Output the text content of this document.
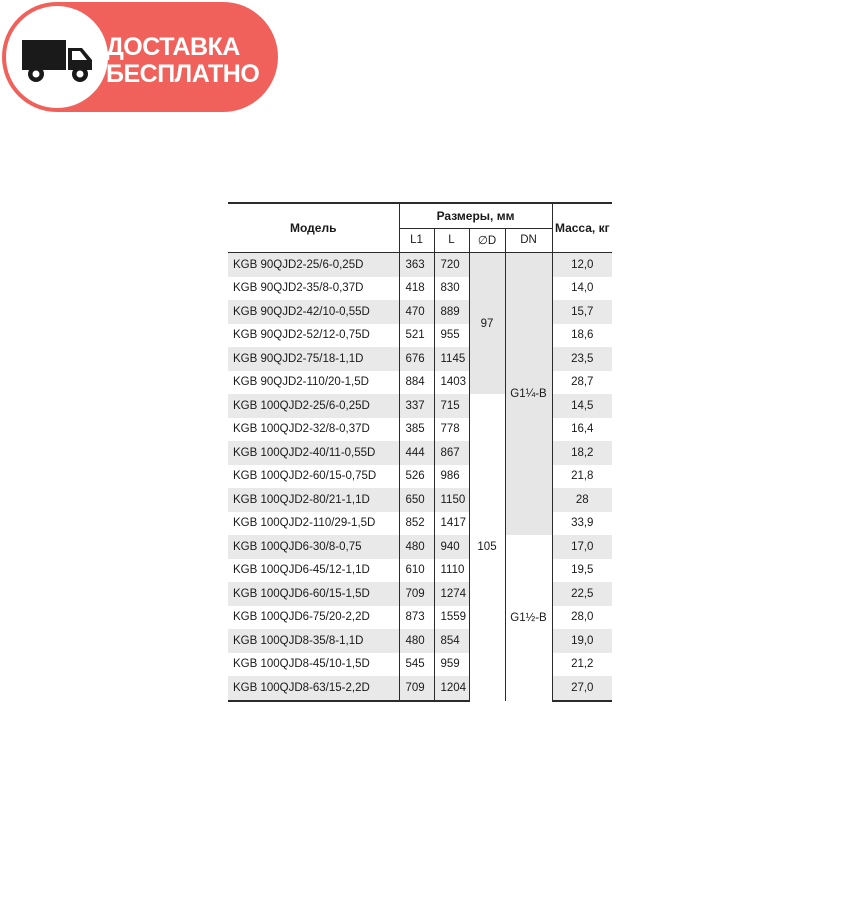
ДОСТАВКА
БЕСПЛАТНО
Модель	Размеры, мм				Масса, кг
	L1	L	∅D	DN	
KGB 90QJD2-25/6-0,25D	363	720	97	G1¼-B	12,0
KGB 90QJD2-35/8-0,37D	418	830			14,0
KGB 90QJD2-42/10-0,55D	470	889			15,7
KGB 90QJD2-52/12-0,75D	521	955			18,6
KGB 90QJD2-75/18-1,1D	676	1145			23,5
KGB 90QJD2-110/20-1,5D	884	1403			28,7
KGB 100QJD2-25/6-0,25D	337	715	105		14,5
KGB 100QJD2-32/8-0,37D	385	778			16,4
KGB 100QJD2-40/11-0,55D	444	867			18,2
KGB 100QJD2-60/15-0,75D	526	986			21,8
KGB 100QJD2-80/21-1,1D	650	1150			28
KGB 100QJD2-110/29-1,5D	852	1417			33,9
KGB 100QJD6-30/8-0,75	480	940		G1½-B	17,0
KGB 100QJD6-45/12-1,1D	610	1110			19,5
KGB 100QJD6-60/15-1,5D	709	1274			22,5
KGB 100QJD6-75/20-2,2D	873	1559			28,0
KGB 100QJD8-35/8-1,1D	480	854			19,0
KGB 100QJD8-45/10-1,5D	545	959			21,2
KGB 100QJD8-63/15-2,2D	709	1204			27,0
